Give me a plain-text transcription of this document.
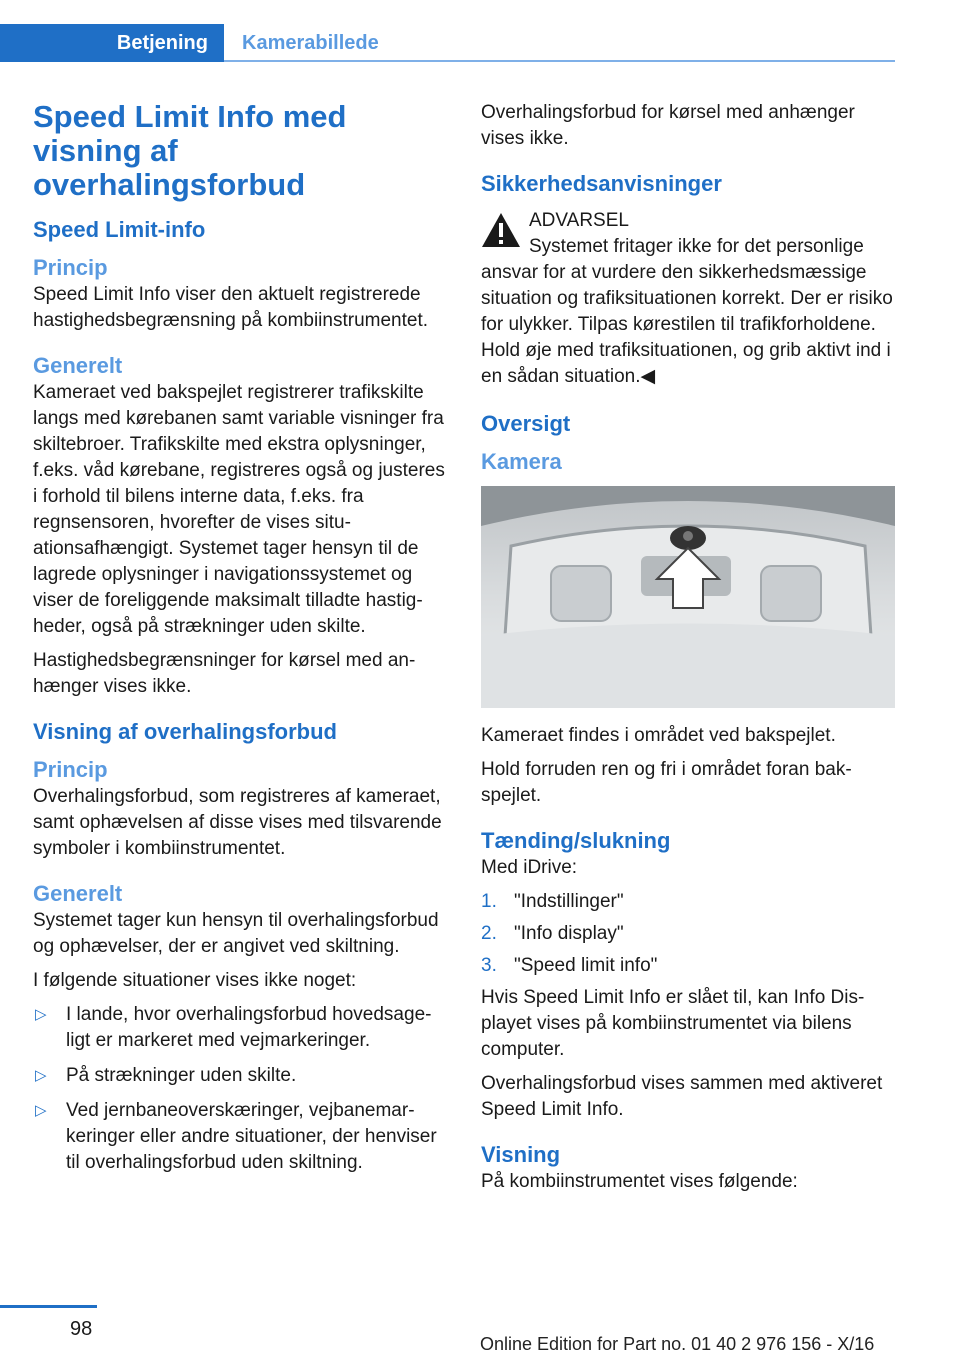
Betjening	Kamerabillede
Speed Limit Info med visning af overhalingsforbud
Speed Limit-info
Princip

Speed Limit Info viser den aktuelt registrerede hastighedsbegrænsning på kombiinstrumentet.

Generelt

Kameraet ved bakspejlet registrerer trafikskilte langs med kørebanen samt variable visninger fra skiltebroer. Trafikskilte med ekstra oplysninger, f.eks. våd kørebane, registreres også og justeres i forhold til bilens interne data, f.eks. fra regnsensoren, hvorefter de vises situationsafhængigt. Systemet tager hensyn til de lagrede oplysninger i navigationssystemet og viser de foreliggende maksimalt tilladte hastigheder, også på strækninger uden skilte.

Hastighedsbegrænsninger for kørsel med anhænger vises ikke.

Visning af overhalingsforbud
Princip

Overhalingsforbud, som registreres af kameraet, samt ophævelsen af disse vises med tilsvarende symboler i kombiinstrumentet.

Generelt

Systemet tager kun hensyn til overhalingsforbud og ophævelser, der er angivet ved skiltning.

I følgende situationer vises ikke noget:

▷ I lande, hvor overhalingsforbud hovedsageligt er markeret med vejmarkeringer.
▷ På strækninger uden skilte.
▷ Ved jernbaneoverskæringer, vejbanemarkeringer eller andre situationer, der henviser til overhalingsforbud uden skiltning.

Overhalingsforbud for kørsel med anhænger vises ikke.

Sikkerhedsanvisninger

ADVARSEL

Systemet fritager ikke for det personlige ansvar for at vurdere den sikkerhedsmæssige situation og trafiksituationen korrekt. Der er risiko for ulykker. Tilpas kørestilen til trafikforholdene. Hold øje med trafiksituationen, og grib aktivt ind i en sådan situation.◀

Oversigt
Kamera

Kameraet findes i området ved bakspejlet.

Hold forruden ren og fri i området foran bakspejlet.

Tænding/slukning

Med iDrive:

1. "Indstillinger"
2. "Info display"
3. "Speed limit info"

Hvis Speed Limit Info er slået til, kan Info Displayet vises på kombiinstrumentet via bilens computer.

Overhalingsforbud vises sammen med aktiveret Speed Limit Info.

Visning

På kombiinstrumentet vises følgende:

98
Online Edition for Part no. 01 40 2 976 156 - X/16
